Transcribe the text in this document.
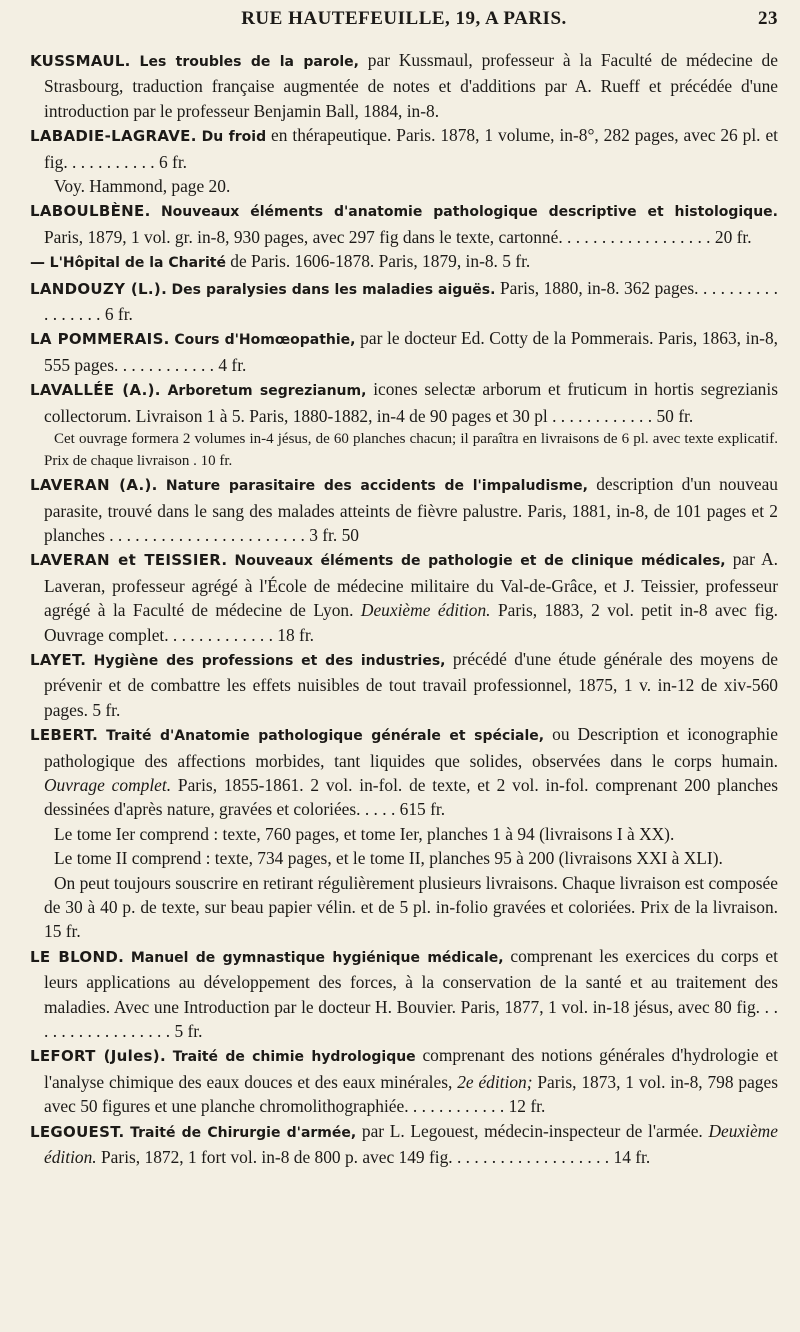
RUE HAUTEFEUILLE, 19, A PARIS.	23
KUSSMAUL. Les troubles de la parole, par Kussmaul, professeur à la Faculté de médecine de Strasbourg, traduction française augmentée de notes et d'additions par A. Rueff et précédée d'une introduction par le professeur Benjamin Ball, 1884, in-8.
LABADIE-LAGRAVE. Du froid en thérapeutique. Paris. 1878, 1 volume, in-8°, 282 pages, avec 26 pl. et fig. . . . . . . . . . . 6 fr.
Voy. Hammond, page 20.
LABOULBÈNE. Nouveaux éléments d'anatomie pathologique descriptive et histologique. Paris, 1879, 1 vol. gr. in-8, 930 pages, avec 297 fig dans le texte, cartonné. . . . . . . . . . . . . . . . . . 20 fr.
— L'Hôpital de la Charité de Paris. 1606-1878. Paris, 1879, in-8. 5 fr.
LANDOUZY (L.). Des paralysies dans les maladies aiguës. Paris, 1880, in-8. 362 pages. . . . . . . . . . . . . . . . . 6 fr.
LA POMMERAIS. Cours d'Homœopathie, par le docteur Ed. Cotty de la Pommerais. Paris, 1863, in-8, 555 pages. . . . . . . . . . . . 4 fr.
LAVALLÉE (A.). Arboretum segrezianum, icones selectæ arborum et fruticum in hortis segrezianis collectorum. Livraison 1 à 5. Paris, 1880-1882, in-4 de 90 pages et 30 pl . . . . . . . . . . . . 50 fr.
Cet ouvrage formera 2 volumes in-4 jésus, de 60 planches chacun; il paraîtra en livraisons de 6 pl. avec texte explicatif. Prix de chaque livraison . 10 fr.
LAVERAN (A.). Nature parasitaire des accidents de l'impaludisme, description d'un nouveau parasite, trouvé dans le sang des malades atteints de fièvre palustre. Paris, 1881, in-8, de 101 pages et 2 planches . . . . . . . . . . . . . . . . . . . . . . . 3 fr. 50
LAVERAN et TEISSIER. Nouveaux éléments de pathologie et de clinique médicales, par A. Laveran, professeur agrégé à l'École de médecine militaire du Val-de-Grâce, et J. Teissier, professeur agrégé à la Faculté de médecine de Lyon. Deuxième édition. Paris, 1883, 2 vol. petit in-8 avec fig. Ouvrage complet. . . . . . . . . . . . . 18 fr.
LAYET. Hygiène des professions et des industries, précédé d'une étude générale des moyens de prévenir et de combattre les effets nuisibles de tout travail professionnel, 1875, 1 v. in-12 de xiv-560 pages. 5 fr.
LEBERT. Traité d'Anatomie pathologique générale et spéciale, ou Description et iconographie pathologique des affections morbides, tant liquides que solides, observées dans le corps humain. Ouvrage complet. Paris, 1855-1861. 2 vol. in-fol. de texte, et 2 vol. in-fol. comprenant 200 planches dessinées d'après nature, gravées et coloriées. . . . . 615 fr.
Le tome Ier comprend : texte, 760 pages, et tome Ier, planches 1 à 94 (livraisons I à XX).
Le tome II comprend : texte, 734 pages, et le tome II, planches 95 à 200 (livraisons XXI à XLI).
On peut toujours souscrire en retirant régulièrement plusieurs livraisons. Chaque livraison est composée de 30 à 40 p. de texte, sur beau papier vélin. et de 5 pl. in-folio gravées et coloriées. Prix de la livraison. 15 fr.
LE BLOND. Manuel de gymnastique hygiénique médicale, comprenant les exercices du corps et leurs applications au développement des forces, à la conservation de la santé et au traitement des maladies. Avec une Introduction par le docteur H. Bouvier. Paris, 1877, 1 vol. in-18 jésus, avec 80 fig. . . . . . . . . . . . . . . . . . 5 fr.
LEFORT (Jules). Traité de chimie hydrologique comprenant des notions générales d'hydrologie et l'analyse chimique des eaux douces et des eaux minérales, 2e édition; Paris, 1873, 1 vol. in-8, 798 pages avec 50 figures et une planche chromolithographiée. . . . . . . . . . . . 12 fr.
LEGOUEST. Traité de Chirurgie d'armée, par L. Legouest, médecin-inspecteur de l'armée. Deuxième édition. Paris, 1872, 1 fort vol. in-8 de 800 p. avec 149 fig. . . . . . . . . . . . . . . . . . . 14 fr.
